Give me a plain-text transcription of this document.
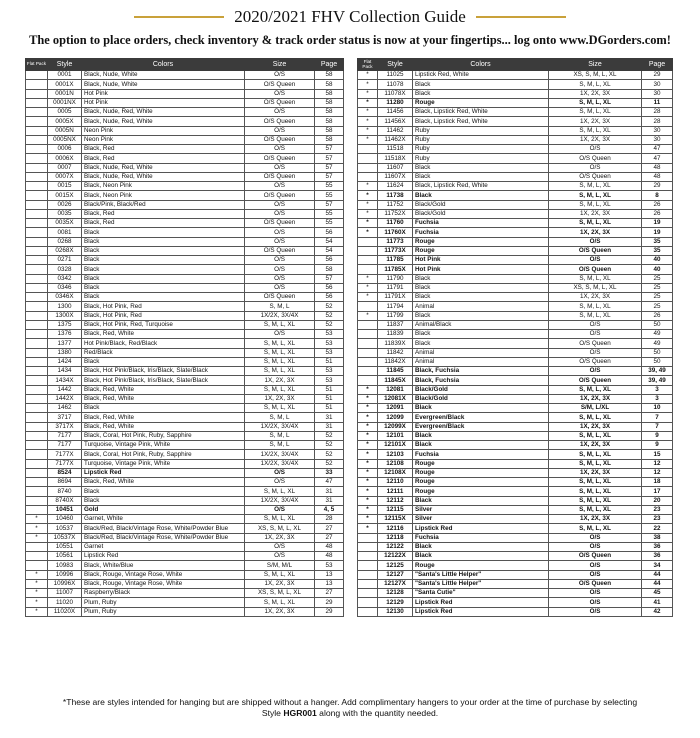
2020/2021 FHV Collection Guide
The option to place orders, check inventory & track order status is now at your fingertips... log onto www.DGorders.com!
Flat Pack	Style	Colors	Size	Page
	0001	Black, Nude, White	O/S	58
	0001X	Black, Nude, White	O/S Queen	58
	0001N	Hot Pink	O/S	58
	0001NX	Hot Pink	O/S Queen	58
	0005	Black, Nude, Red, White	O/S	58
	0005X	Black, Nude, Red, White	O/S Queen	58
	0005N	Neon Pink	O/S	58
	0005NX	Neon Pink	O/S Queen	58
	0006	Black, Red	O/S	57
	0006X	Black, Red	O/S Queen	57
	0007	Black, Nude, Red, White	O/S	57
	0007X	Black, Nude, Red, White	O/S Queen	57
	0015	Black, Neon Pink	O/S	55
	0015X	Black, Neon Pink	O/S Queen	55
	0026	Black/Pink, Black/Red	O/S	57
	0035	Black, Red	O/S	55
	0035X	Black, Red	O/S Queen	55
	0081	Black	O/S	56
	0268	Black	O/S	54
	0268X	Black	O/S Queen	54
	0271	Black	O/S	56
	0328	Black	O/S	58
	0342	Black	O/S	57
	0346	Black	O/S	56
	0346X	Black	O/S Queen	56
	1300	Black, Hot Pink, Red	S, M, L	52
	1300X	Black, Hot Pink, Red	1X/2X, 3X/4X	52
	1375	Black, Hot Pink, Red, Turquoise	S, M, L, XL	52
	1376	Black, Red, White	O/S	53
	1377	Hot Pink/Black, Red/Black	S, M, L, XL	53
	1380	Red/Black	S, M, L, XL	53
	1424	Black	S, M, L, XL	51
	1434	Black, Hot Pink/Black, Iris/Black, Slate/Black	S, M, L, XL	53
	1434X	Black, Hot Pink/Black, Iris/Black, Slate/Black	1X, 2X, 3X	53
	1442	Black, Red, White	S, M, L, XL	51
	1442X	Black, Red, White	1X, 2X, 3X	51
	1462	Black	S, M, L, XL	51
	3717	Black, Red, White	S, M, L	31
	3717X	Black, Red, White	1X/2X, 3X/4X	31
	7177	Black, Coral, Hot Pink, Ruby, Sapphire	S, M, L	52
	7177	Turquoise, Vintage Pink, White	S, M, L	52
	7177X	Black, Coral, Hot Pink, Ruby, Sapphire	1X/2X, 3X/4X	52
	7177X	Turquoise, Vintage Pink, White	1X/2X, 3X/4X	52
	8524	Lipstick Red	O/S	33
	8694	Black, Red, White	O/S	47
	8740	Black	S, M, L, XL	31
	8740X	Black	1X/2X, 3X/4X	31
	10451	Gold	O/S	4, 5
*	10460	Garnet, White	S, M, L, XL	28
*	10537	Black/Red, Black/Vintage Rose, White/Powder Blue	XS, S, M, L, XL	27
*	10537X	Black/Red, Black/Vintage Rose, White/Powder Blue	1X, 2X, 3X	27
	10551	Garnet	O/S	48
	10561	Lipstick Red	O/S	48
	10983	Black, White/Blue	S/M, M/L	53
*	10996	Black, Rouge, Vintage Rose, White	S, M, L, XL	13
*	10996X	Black, Rouge, Vintage Rose, White	1X, 2X, 3X	13
*	11007	Raspberry/Black	XS, S, M, L, XL	27
*	11020	Plum, Ruby	S, M, L, XL	29
*	11020X	Plum, Ruby	1X, 2X, 3X	29
Flat Pack	Style	Colors	Size	Page
*	11025	Lipstick Red, White	XS, S, M, L, XL	29
*	11078	Black	S, M, L, XL	30
*	11078X	Black	1X, 2X, 3X	30
*	11280	Rouge	S, M, L, XL	11
*	11456	Black, Lipstick Red, White	S, M, L, XL	28
*	11456X	Black, Lipstick Red, White	1X, 2X, 3X	28
*	11462	Ruby	S, M, L, XL	30
*	11462X	Ruby	1X, 2X, 3X	30
	11518	Ruby	O/S	47
	11518X	Ruby	O/S Queen	47
	11607	Black	O/S	48
	11607X	Black	O/S Queen	48
*	11624	Black, Lipstick Red, White	S, M, L, XL	29
*	11738	Black	S, M, L, XL	8
*	11752	Black/Gold	S, M, L, XL	26
*	11752X	Black/Gold	1X, 2X, 3X	26
*	11760	Fuchsia	S, M, L, XL	19
*	11760X	Fuchsia	1X, 2X, 3X	19
	11773	Rouge	O/S	35
	11773X	Rouge	O/S Queen	35
	11785	Hot Pink	O/S	40
	11785X	Hot Pink	O/S Queen	40
*	11790	Black	S, M, L, XL	25
*	11791	Black	XS, S, M, L, XL	25
*	11791X	Black	1X, 2X, 3X	25
	11794	Animal	S, M, L, XL	25
*	11799	Black	S, M, L, XL	26
	11837	Animal/Black	O/S	50
	11839	Black	O/S	49
	11839X	Black	O/S Queen	49
	11842	Animal	O/S	50
	11842X	Animal	O/S Queen	50
	11845	Black, Fuchsia	O/S	39, 49
	11845X	Black, Fuchsia	O/S Queen	39, 49
*	12081	Black/Gold	S, M, L, XL	3
*	12081X	Black/Gold	1X, 2X, 3X	3
*	12091	Black	S/M, L/XL	10
*	12099	Evergreen/Black	S, M, L, XL	7
*	12099X	Evergreen/Black	1X, 2X, 3X	7
*	12101	Black	S, M, L, XL	9
*	12101X	Black	1X, 2X, 3X	9
*	12103	Fuchsia	S, M, L, XL	15
*	12108	Rouge	S, M, L, XL	12
*	12108X	Rouge	1X, 2X, 3X	12
*	12110	Rouge	S, M, L, XL	18
*	12111	Rouge	S, M, L, XL	17
*	12112	Black	S, M, L, XL	20
*	12115	Silver	S, M, L, XL	23
*	12115X	Silver	1X, 2X, 3X	23
*	12116	Lipstick Red	S, M, L, XL	22
	12118	Fuchsia	O/S	38
	12122	Black	O/S	36
	12122X	Black	O/S Queen	36
	12125	Rouge	O/S	34
	12127	"Santa's Little Helper"	O/S	44
	12127X	"Santa's Little Helper"	O/S Queen	44
	12128	"Santa Cutie"	O/S	45
	12129	Lipstick Red	O/S	41
	12130	Lipstick Red	O/S	42
*These are styles intended for hanging but are shipped without a hanger. Add complimentary hangers to your order at the time of purchase by selecting
Style HGR001 along with the quantity needed.
